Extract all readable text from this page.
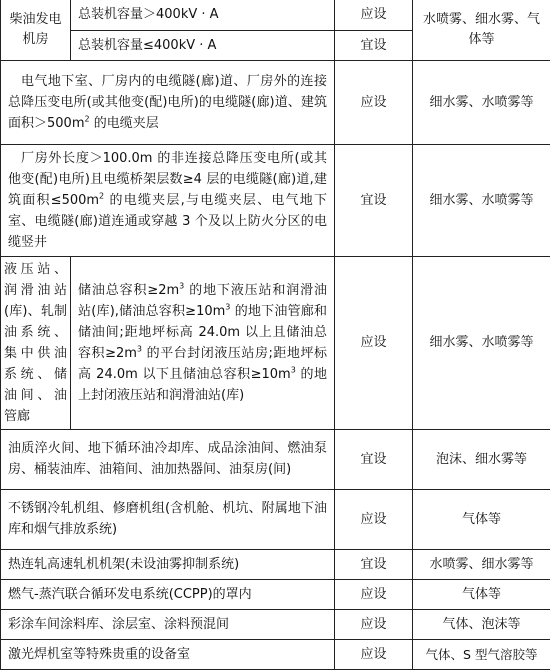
柴油发电机房	总装机容量＞400kV · A	应设	水喷雾、细水雾、气体等
	总装机容量≤400kV · A	宜设	
电气地下室、厂房内的电缆隧(廊)道、厂房外的连接总降压变电所(或其他变(配)电所)的电缆隧(廊)道、建筑面积$>500m^2$ 的电缆夹层		应设	细水雾、水喷雾等
厂房外长度＞100.0m 的非连接总降压变电所(或其他变(配)电所)且电缆桥架层数≥4 层的电缆隧(廊)道,建筑面积$\le 500m^2$ 的电缆夹层,与电缆夹层、电气地下室、电缆隧(廊)道连通或穿越 3 个及以上防火分区的电缆竖井		宜设	细水雾、水喷雾等
液压站、润滑油站(库)、轧制油系统、集中供油系统、储油间、油管廊	储油总容积$\ge 2m^3$ 的地下液压站和润滑油站(库),储油总容积$\ge 10m^3$ 的地下油管廊和储油间;距地坪标高 24.0m 以上且储油总容积$\ge 2m^3$ 的平台封闭液压站房;距地坪标高 24.0m 以下且储油总容积$\ge 10m^3$ 的地上封闭液压站和润滑油站(库)	应设	细水雾、水喷雾等
油质淬火间、地下循环油冷却库、成品涂油间、燃油泵房、桶装油库、油箱间、油加热器间、油泵房(间)		宜设	泡沫、细水雾等
不锈钢冷轧机组、修磨机组(含机舱、机坑、附属地下油库和烟气排放系统)		应设	气体等
热连轧高速轧机机架(未设油雾抑制系统)		宜设	水喷雾、细水雾等
燃气-蒸汽联合循环发电系统(CCPP)的罩内		应设	气体等
彩涂车间涂料库、涂层室、涂料预混间		应设	气体、泡沫等
激光焊机室等特殊贵重的设备室		应设	气体、S 型气溶胶等
